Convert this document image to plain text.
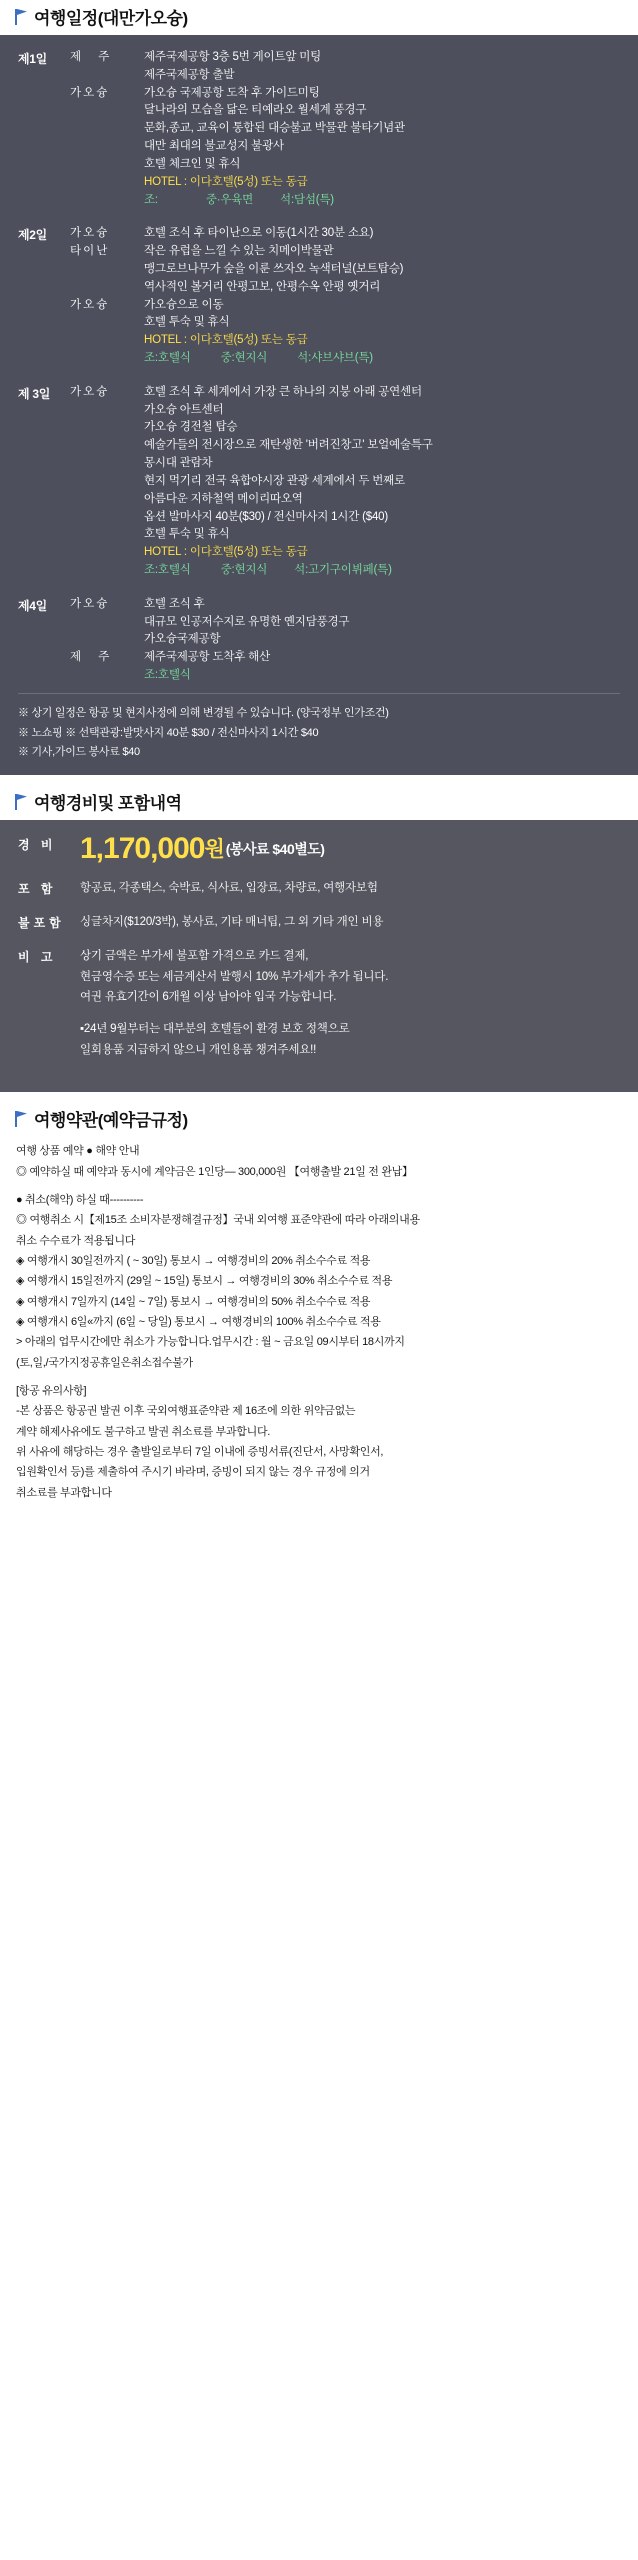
여행일정(대만가오슝)
제1일	제 주	제주국제공항 3층 5번 게이트앞 미팅

제주국제공항 출발
가오슝	가오슝 국제공항 도착 후 가이드미팅

달나라의 모습을 닮은 티예라오 월세계 풍경구

문화,종교, 교육이 통합된 대승불교 박물관 불타기념관

대만 최대의 불교성지 불광사

호텔 체크인 및 휴식

HOTEL : 이다호텔(5성) 또는 동급

조:                중·우육면         석:담섬(특)
제2일	가오슝	호텔 조식 후 타이난으로 이동(1시간 30분 소요)
타이난	작은 유럽을 느낄 수 있는 치메이박물관

맹그로브나무가 숲을 이룬 쓰자오 녹색터널(보트탑승)

역사적인 볼거리 안평고보, 안평수옥 안평 옛거리
가오슝	가오슝으로 이동

호텔 투숙 및 휴식

HOTEL : 이다호텔(5성) 또는 동급

조:호텔식          중:현지식          석:샤브샤브(특)
제 3일	가오슝	호텔 조식 후 세계에서 가장 큰 하나의 지붕 아래 공연센터

가오슝 아트센터

가오슝 경전철 탑승

예술가들의 전시장으로 재탄생한 '버려진창고' 보얼예술특구

몽시대 관람차

현지 먹기리 전국 육합야시장 관광 세계에서 두 번째로

아름다운 지하철역 메이리따오역

옵션 발마사지 40분($30) / 전신마사지 1시간 ($40)

호텔 투숙 및 휴식

HOTEL : 이다호텔(5성) 또는 동급

조:호텔식          중:현지식         석:고기구이뷔페(특)
제4일	가오슝	호텔 조식 후

대규모 인공저수지로 유명한 옌지담풍경구

가오슝국제공항
제 주	제주국제공항 도착후 해산

조:호텔식
※ 상기 일정은 항공 및 현지사정에 의해 변경될 수 있습니다. (양국정부 인가조건)
※ 노쇼핑 ※ 선택관광:발맛사지 40분 $30 / 전신마사지 1시간 $40
※ 기사,가이드 봉사료 $40
여행경비및 포함내역
경 비 1,170,000원 (봉사료 $40별도)
포 함	항공료, 각종택스, 숙박료, 식사료, 입장료, 차량료, 여행자보험
불포함	싱글차지($120/3박), 봉사료, 기타 매너팁, 그 외 기타 개인 비용
비 고	상기 금액은 부가세 불포함 가격으로 카드 결제,
현금영수증 또는 세금계산서 발행시 10% 부가세가 추가 됩니다.
여권 유효기간이 6개월 이상 남아야 입국 가능합니다.
▪24년 9월부터는 대부분의 호텔들이 환경 보호 정책으로
일회용품 지급하지 않으니 개인용품 챙겨주세요!!
여행약관(예약금규정)
여행 상품 예약 ● 해약 안내
◎ 예약하실 때 예약과 동시에 계약금은 1인당― 300,000원 【여행출발 21일 전 완납】
● 취소(해약) 하실 때----------
◎ 여행취소 시【제15조 소비자분쟁해결규정】국내 외여행 표준약관에 따라 아래의내용
취소 수수료가 적용됩니다
◈ 여행개시 30일전까지 ( ~ 30일) 통보시 → 여행경비의 20% 취소수수료 적용
◈ 여행개시 15일전까지 (29일 ~ 15일) 통보시 → 여행경비의 30% 취소수수료 적용
◈ 여행개시 7일까지 (14일 ~ 7일) 통보시 → 여행경비의 50% 취소수수료 적용
◈ 여행개시 6일«까지 (6일 ~ 당일) 통보시 → 여행경비의 100% 취소수수료 적용
> 아래의 업무시간에만 취소가 가능합니다.업무시간 : 월 ~ 금요일 09시부터 18시까지
(토,일,/국가지정공휴일은취소접수불가
[항공 유의사항]
-본 상품은 항공권 발권 이후 국외여행표준약관 제 16조에 의한 위약금없는
계약 해제사유에도 불구하고 발권 취소료를 부과합니다.
위 사유에 해당하는 경우 출발일로부터 7일 이내에 증빙서류(진단서, 사망확인서,
입원확인서 등)를 제출하여 주시기 바라며, 증빙이 되지 않는 경우 규정에 의거
취소료를 부과합니다
